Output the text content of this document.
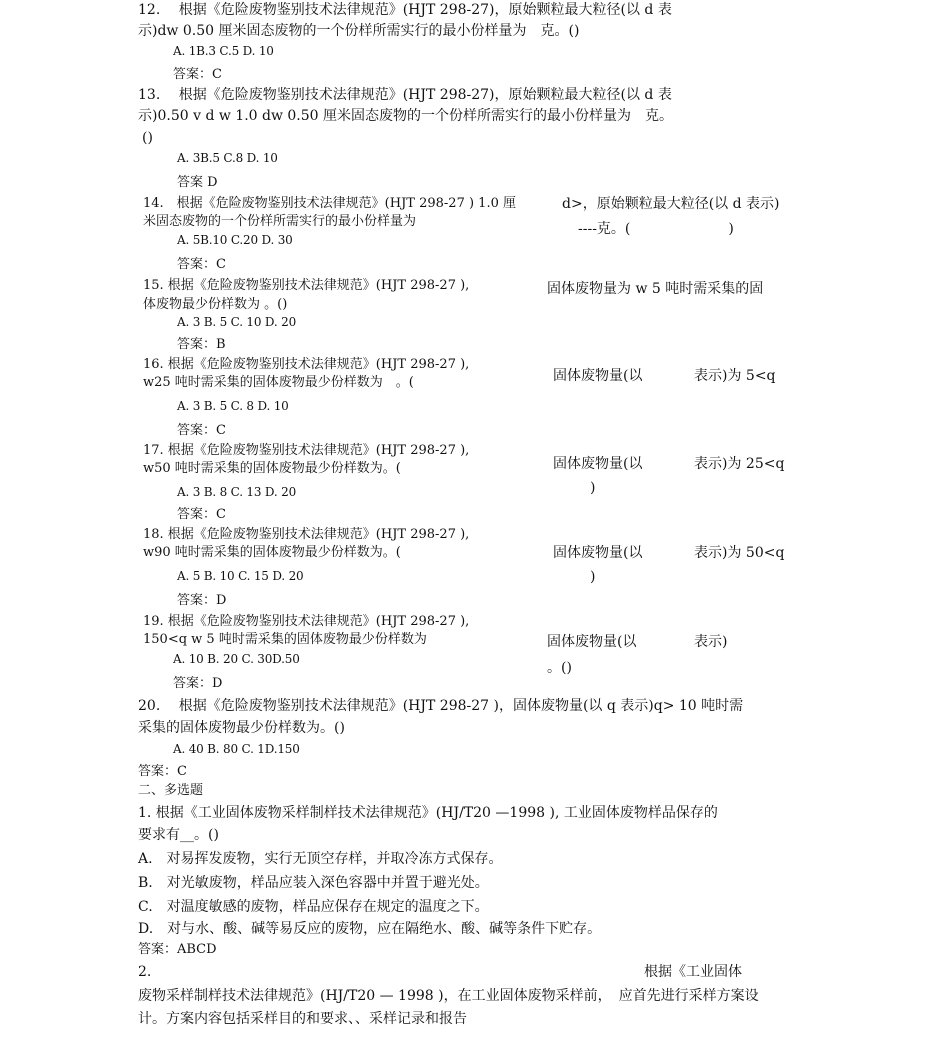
12.　 根据《危险废物鉴别技术法律规范》(HJT 298-27)，原始颗粒最大粒径(以 d 表
示)dw 0.50 厘米固态废物的一个份样所需实行的最小份样量为　克。()
A. 1B.3 C.5 D. 10
答案：C
13.　 根据《危险废物鉴别技术法律规范》(HJT 298-27)，原始颗粒最大粒径(以 d 表
示)0.50 v d w 1.0 dw 0.50 厘米固态废物的一个份样所需实行的最小份样量为　克。
()
A. 3B.5 C.8 D. 10
答案 D
14.　根据《危险废物鉴别技术法律规范》(HJT 298-27 ) 1.0 厘
米固态废物的一个份样所需实行的最小份样量为
d>，原始颗粒最大粒径(以 d 表示)
----克。(　　　　　　　)
A. 5B.10 C.20 D. 30
答案：C
15. 根据《危险废物鉴别技术法律规范》(HJT 298-27 ),
体废物最少份样数为 。()
固体废物量为 w 5 吨时需采集的固
A. 3 B. 5 C. 10 D. 20
答案：B
16. 根据《危险废物鉴别技术法律规范》(HJT 298-27 ),
w25 吨时需采集的固体废物最少份样数为　。(	固体废物量(以	表示)为 5<q
A. 3 B. 5 C. 8 D. 10
答案：C
17. 根据《危险废物鉴别技术法律规范》(HJT 298-27 ),
w50 吨时需采集的固体废物最少份样数为。(	固体废物量(以	表示)为 25<q
)
A. 3 B. 8 C. 13 D. 20
答案：C
18. 根据《危险废物鉴别技术法律规范》(HJT 298-27 ),
w90 吨时需采集的固体废物最少份样数为。(	固体废物量(以	表示)为 50<q
)
A. 5 B. 10 C. 15 D. 20
答案：D
19. 根据《危险废物鉴别技术法律规范》(HJT 298-27 ),
150<q w 5 吨时需采集的固体废物最少份样数为	固体废物量(以	表示)
。()
A. 10 B. 20 C. 30D.50
答案：D
20.　 根据《危险废物鉴别技术法律规范》(HJT 298-27 )，固体废物量(以 q 表示)q> 10 吨时需
采集的固体废物最少份样数为。()
A. 40 B. 80 C. 1D.150
答案：C
二、多选题
1. 根据《工业固体废物采样制样技术法律规范》(HJ/T20 —1998 ), 工业固体废物样品保存的
要求有__。()
A.　对易挥发废物，实行无顶空存样，并取冷冻方式保存。
B.　对光敏废物，样品应装入深色容器中并置于避光处。
C.　对温度敏感的废物，样品应保存在规定的温度之下。
D.　对与水、酸、碱等易反应的废物，应在隔绝水、酸、碱等条件下贮存。
答案：ABCD
2.	根据《工业固体
废物采样制样技术法律规范》(HJ/T20 — 1998 )，在工业固体废物采样前，　应首先进行采样方案设
计。方案内容包括采样目的和要求、、采样记录和报告
